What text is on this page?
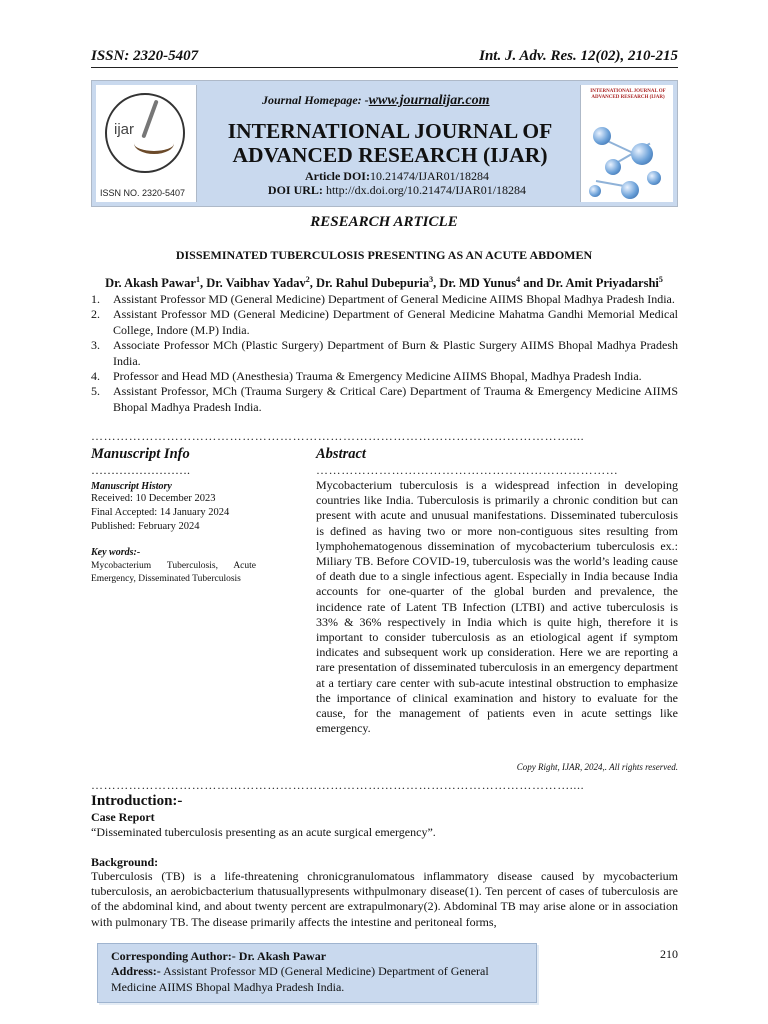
ISSN: 2320-5407	Int. J. Adv. Res. 12(02), 210-215
ijar
ISSN NO. 2320-5407
Journal Homepage: -www.journalijar.com
INTERNATIONAL JOURNAL OF
ADVANCED RESEARCH (IJAR)
Article DOI:10.21474/IJAR01/18284
DOI URL: http://dx.doi.org/10.21474/IJAR01/18284
INTERNATIONAL JOURNAL OF ADVANCED RESEARCH (IJAR)
RESEARCH ARTICLE
DISSEMINATED TUBERCULOSIS PRESENTING AS AN ACUTE ABDOMEN
Dr. Akash Pawar$^1$, Dr. Vaibhav Yadav$^2$, Dr. Rahul Dubepuria$^3$, Dr. MD Yunus$^4$ and Dr. Amit Priyadarshi$^5$
1. Assistant Professor MD (General Medicine) Department of General Medicine AIIMS Bhopal Madhya Pradesh India.
2. Assistant Professor MD (General Medicine) Department of General Medicine Mahatma Gandhi Memorial Medical College, Indore (M.P) India.
3. Associate Professor MCh (Plastic Surgery) Department of Burn & Plastic Surgery AIIMS Bhopal Madhya Pradesh India.
4. Professor and Head MD (Anesthesia) Trauma & Emergency Medicine AIIMS Bhopal, Madhya Pradesh India.
5. Assistant Professor, MCh (Trauma Surgery & Critical Care) Department of Trauma & Emergency Medicine AIIMS Bhopal Madhya Pradesh India.
……………………………………………………………………………………………………....
Manuscript Info
…………………….
Manuscript History
Received: 10 December 2023
Final Accepted: 14 January 2024
Published: February 2024
Key words:-
Mycobacterium Tuberculosis, Acute Emergency, Disseminated Tuberculosis
Abstract
………………………………………………………………
Mycobacterium tuberculosis is a widespread infection in developing countries like India. Tuberculosis is primarily a chronic condition but can present with acute and unusual manifestations. Disseminated tuberculosis is defined as having two or more non-contiguous sites resulting from lymphohematogenous dissemination of mycobacterium tuberculosis ex.: Miliary TB. Before COVID-19, tuberculosis was the world’s leading cause of death due to a single infectious agent. Especially in India because India accounts for one-quarter of the global burden and prevalence, the incidence rate of Latent TB Infection (LTBI) and active tuberculosis is 33% & 36% respectively in India which is quite high, therefore it is important to consider tuberculosis as an etiological agent if symptom indicates and subsequent work up consideration. Here we are reporting a rare presentation of disseminated tuberculosis in an emergency department at a tertiary care center with sub-acute intestinal obstruction to emphasize the importance of clinical examination and history to evaluate for the cause, for the management of patients even in acute settings like emergency.
Copy Right, IJAR, 2024,. All rights reserved.
……………………………………………………………………………………………………....
Introduction:-
Case Report
“Disseminated tuberculosis presenting as an acute surgical emergency”.
Background:
Tuberculosis (TB) is a life-threatening chronicgranulomatous inflammatory disease caused by mycobacterium tuberculosis, an aerobicbacterium thatusuallypresents withpulmonary disease(1). Ten percent of cases of tuberculosis are of the abdominal kind, and about twenty percent are extrapulmonary(2). Abdominal TB may arise alone or in association with pulmonary TB. The disease primarily affects the intestine and peritoneal forms,
Corresponding Author:- Dr. Akash Pawar
Address:- Assistant Professor MD (General Medicine) Department of General Medicine AIIMS Bhopal Madhya Pradesh India.
210
